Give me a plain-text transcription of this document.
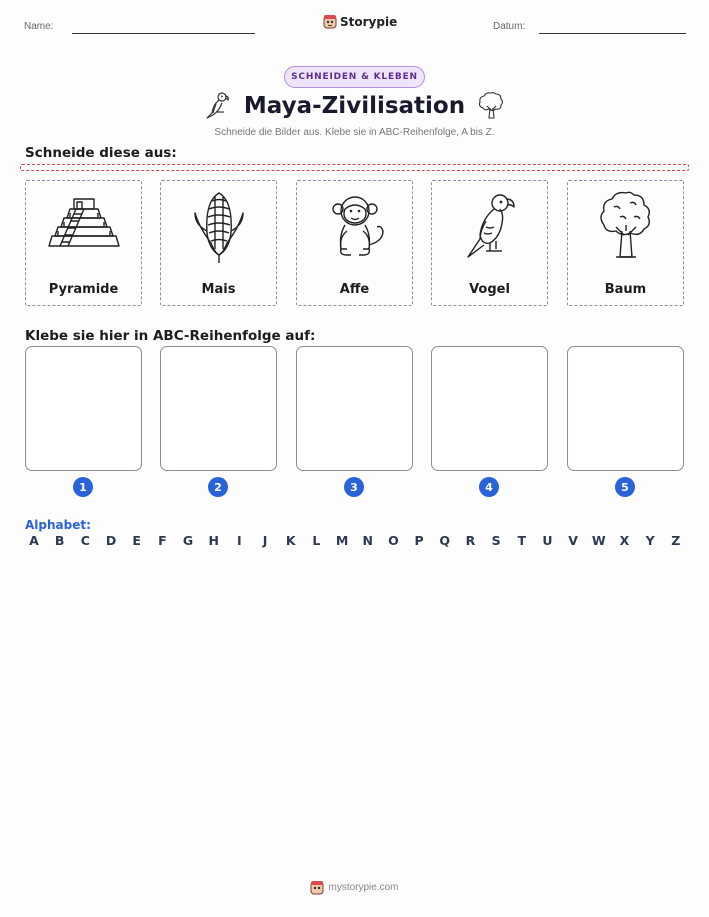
Name:	Storypie	Datum:
SCHNEIDEN & KLEBEN
Maya-Zivilisation
Schneide die Bilder aus. Klebe sie in ABC-Reihenfolge, A bis Z.
Schneide diese aus:
Pyramide	Mais	Affe	Vogel	Baum
Klebe sie hier in ABC-Reihenfolge auf:
1	2	3	4	5
Alphabet:
A	B	C	D	E	F	G	H	I	J	K	L	M	N	O	P	Q	R	S	T	U	V	W	X	Y	Z
mystorypie.com
